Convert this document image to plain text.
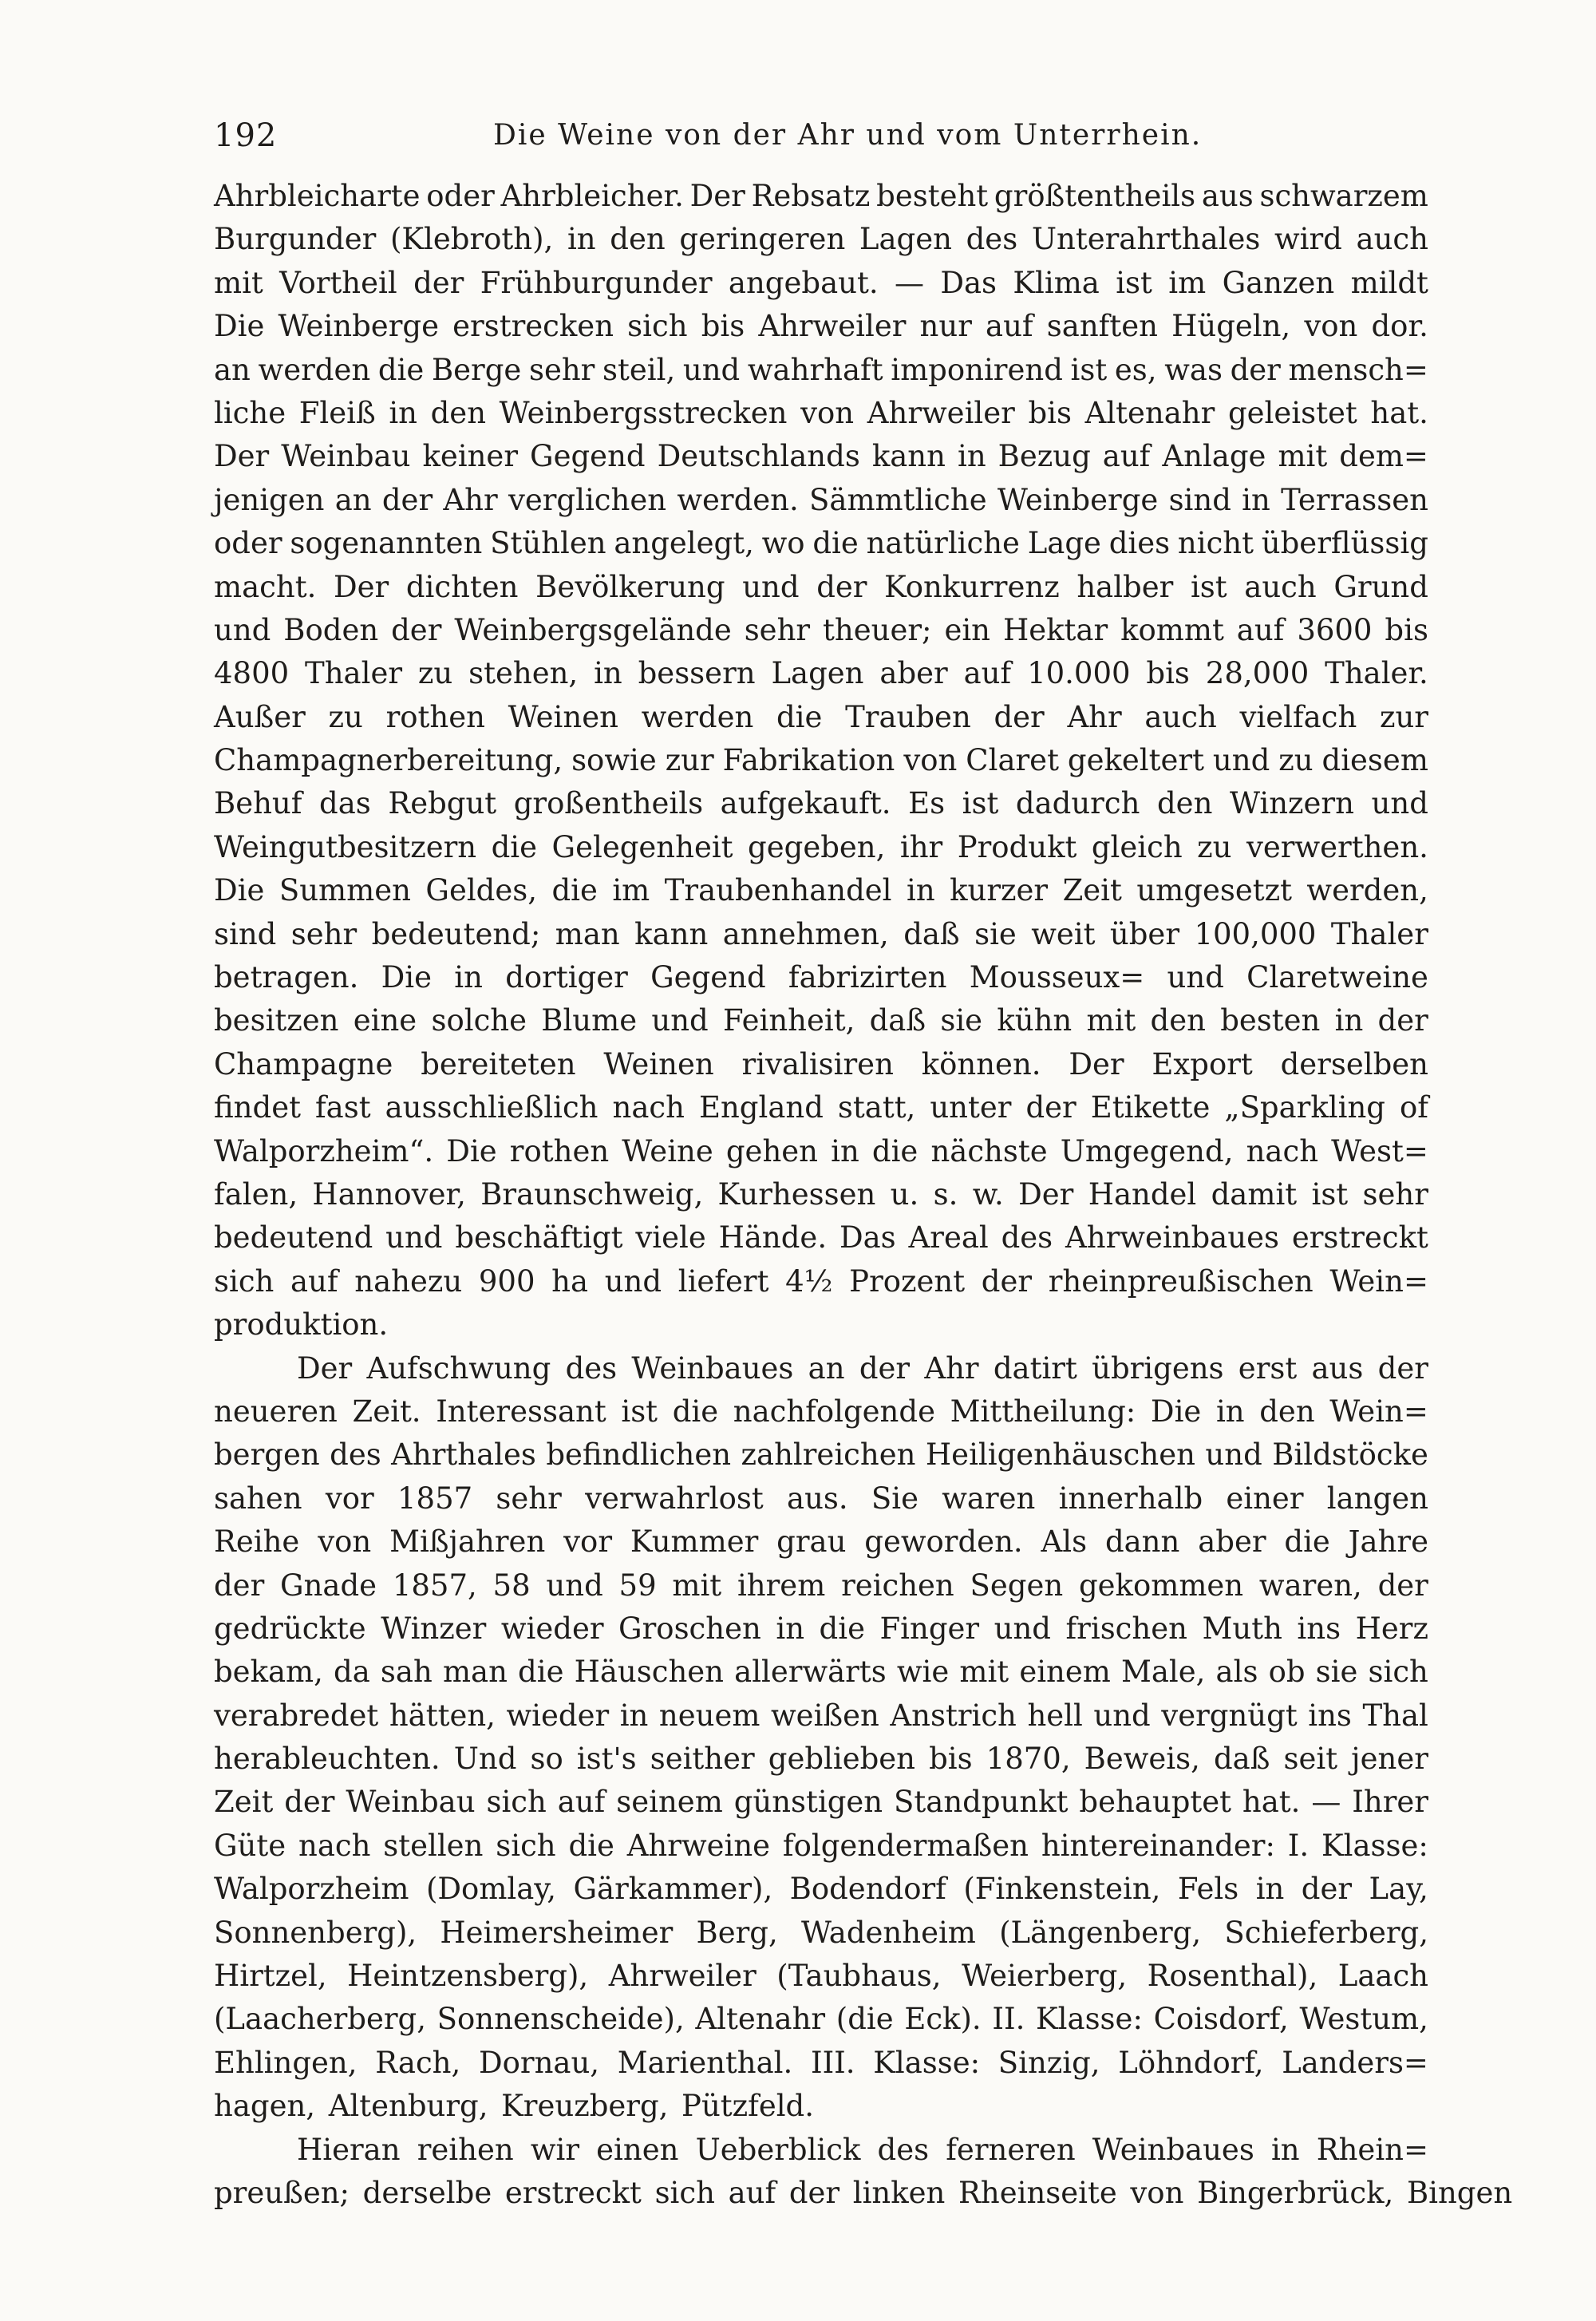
192	Die Weine von der Ahr und vom Unterrhein.
Ahrbleicharte oder Ahrbleicher. Der Rebsatz besteht größtentheils aus schwarzem
Burgunder (Klebroth), in den geringeren Lagen des Unterahrthales wird auch
mit Vortheil der Frühburgunder angebaut. — Das Klima ist im Ganzen mildt
Die Weinberge erstrecken sich bis Ahrweiler nur auf sanften Hügeln, von dor.
an werden die Berge sehr steil, und wahrhaft imponirend ist es, was der mensch=
liche Fleiß in den Weinbergsstrecken von Ahrweiler bis Altenahr geleistet hat.
Der Weinbau keiner Gegend Deutschlands kann in Bezug auf Anlage mit dem=
jenigen an der Ahr verglichen werden. Sämmtliche Weinberge sind in Terrassen
oder sogenannten Stühlen angelegt, wo die natürliche Lage dies nicht überflüssig
macht. Der dichten Bevölkerung und der Konkurrenz halber ist auch Grund
und Boden der Weinbergsgelände sehr theuer; ein Hektar kommt auf 3600 bis
4800 Thaler zu stehen, in bessern Lagen aber auf 10.000 bis 28,000 Thaler.
Außer zu rothen Weinen werden die Trauben der Ahr auch vielfach zur
Champagnerbereitung, sowie zur Fabrikation von Claret gekeltert und zu diesem
Behuf das Rebgut großentheils aufgekauft. Es ist dadurch den Winzern und
Weingutbesitzern die Gelegenheit gegeben, ihr Produkt gleich zu verwerthen.
Die Summen Geldes, die im Traubenhandel in kurzer Zeit umgesetzt werden,
sind sehr bedeutend; man kann annehmen, daß sie weit über 100,000 Thaler
betragen. Die in dortiger Gegend fabrizirten Mousseux= und Claretweine
besitzen eine solche Blume und Feinheit, daß sie kühn mit den besten in der
Champagne bereiteten Weinen rivalisiren können. Der Export derselben
findet fast ausschließlich nach England statt, unter der Etikette „Sparkling of
Walporzheim“. Die rothen Weine gehen in die nächste Umgegend, nach West=
falen, Hannover, Braunschweig, Kurhessen u. s. w. Der Handel damit ist sehr
bedeutend und beschäftigt viele Hände. Das Areal des Ahrweinbaues erstreckt
sich auf nahezu 900 ha und liefert 4½ Prozent der rheinpreußischen Wein=
produktion.
Der Aufschwung des Weinbaues an der Ahr datirt übrigens erst aus der
neueren Zeit. Interessant ist die nachfolgende Mittheilung: Die in den Wein=
bergen des Ahrthales befindlichen zahlreichen Heiligenhäuschen und Bildstöcke
sahen vor 1857 sehr verwahrlost aus. Sie waren innerhalb einer langen
Reihe von Mißjahren vor Kummer grau geworden. Als dann aber die Jahre
der Gnade 1857, 58 und 59 mit ihrem reichen Segen gekommen waren, der
gedrückte Winzer wieder Groschen in die Finger und frischen Muth ins Herz
bekam, da sah man die Häuschen allerwärts wie mit einem Male, als ob sie sich
verabredet hätten, wieder in neuem weißen Anstrich hell und vergnügt ins Thal
herableuchten. Und so ist's seither geblieben bis 1870, Beweis, daß seit jener
Zeit der Weinbau sich auf seinem günstigen Standpunkt behauptet hat. — Ihrer
Güte nach stellen sich die Ahrweine folgendermaßen hintereinander: I. Klasse:
Walporzheim (Domlay, Gärkammer), Bodendorf (Finkenstein, Fels in der Lay,
Sonnenberg), Heimersheimer Berg, Wadenheim (Längenberg, Schieferberg,
Hirtzel, Heintzensberg), Ahrweiler (Taubhaus, Weierberg, Rosenthal), Laach
(Laacherberg, Sonnenscheide), Altenahr (die Eck). II. Klasse: Coisdorf, Westum,
Ehlingen, Rach, Dornau, Marienthal. III. Klasse: Sinzig, Löhndorf, Landers=
hagen, Altenburg, Kreuzberg, Pützfeld.
Hieran reihen wir einen Ueberblick des ferneren Weinbaues in Rhein=
preußen; derselbe erstreckt sich auf der linken Rheinseite von Bingerbrück, Bingen
